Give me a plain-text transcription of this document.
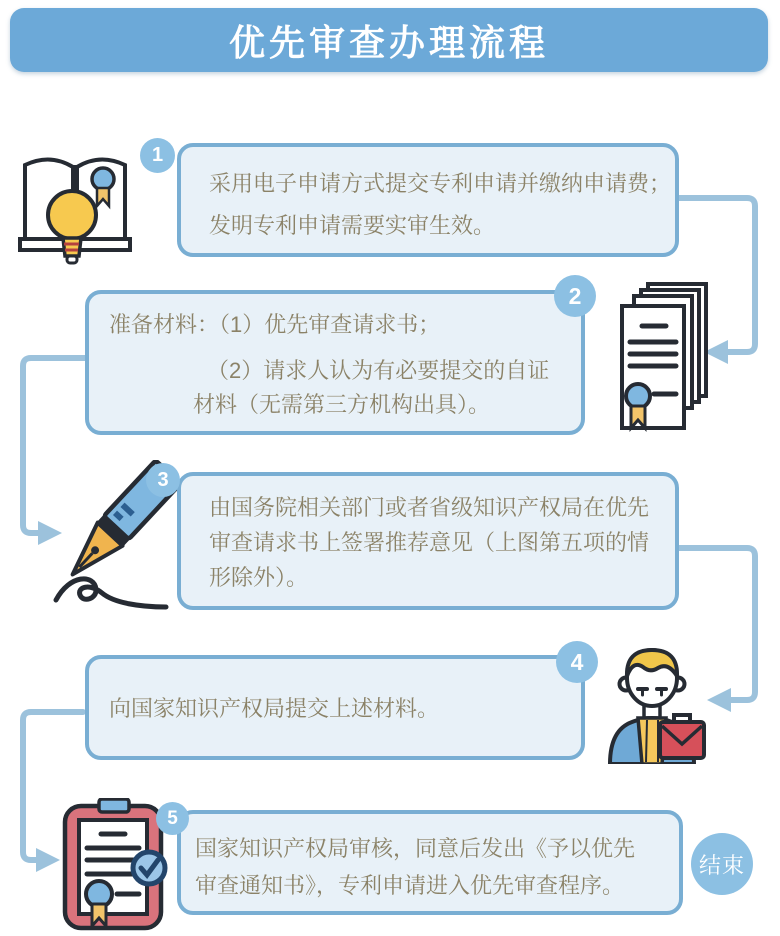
优先审查办理流程
采用电子申请方式提交专利申请并缴纳申请费；
发明专利申请需要实审生效。
1
准备材料：（1）优先审查请求书；
（2）请求人认为有必要提交的自证
材料（无需第三方机构出具）。
2
由国务院相关部门或者省级知识产权局在优先
审查请求书上签署推荐意见（上图第五项的情
形除外）。
3
向国家知识产权局提交上述材料。
4
国家知识产权局审核，同意后发出《予以优先
审查通知书》，专利申请进入优先审查程序。
5
结束
